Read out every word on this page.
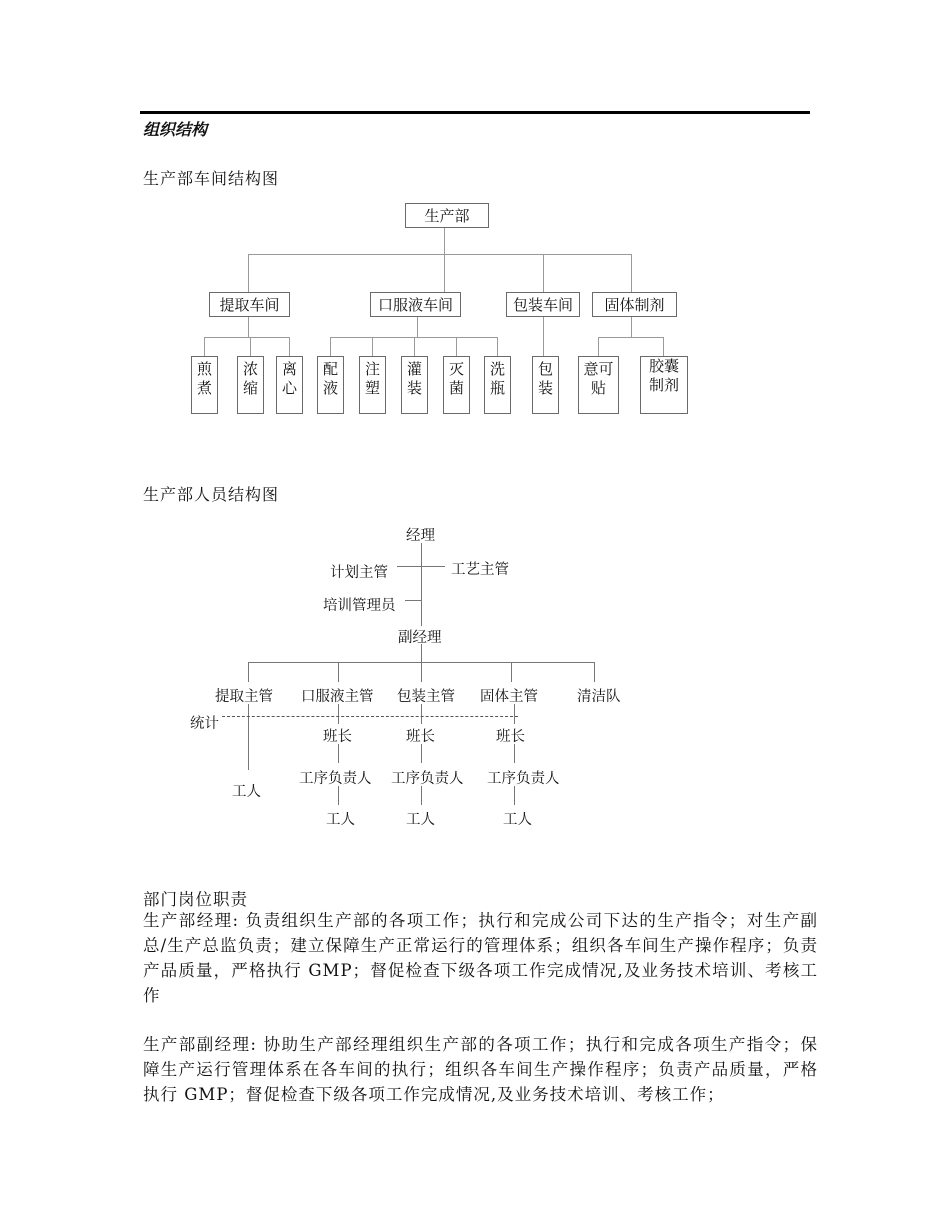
组织结构
生产部车间结构图
生产部
提取车间	口服液车间	包装车间	固体制剂
煎
煮
浓
缩
离
心
配
液
注
塑
灌
装
灭
菌
洗
瓶
包
装
意可
贴
胶囊
制剂
生产部人员结构图
经理
计划主管	工艺主管
培训管理员
副经理
提取主管 口服液主管 包装主管 固体主管	清洁队
统计
班长	班长	班长
工序负责人 工序负责人 工序负责人
工人
工人	工人	工人
部门岗位职责
生产部经理: 负责组织生产部的各项工作；执行和完成公司下达的生产指令；对生产副总/生产总监负责；建立保障生产正常运行的管理体系；组织各车间生产操作程序；负责产品质量，严格执行 GMP；督促检查下级各项工作完成情况,及业务技术培训、考核工作
生产部副经理: 协助生产部经理组织生产部的各项工作；执行和完成各项生产指令；保障生产运行管理体系在各车间的执行；组织各车间生产操作程序；负责产品质量，严格执行 GMP；督促检查下级各项工作完成情况,及业务技术培训、考核工作；
